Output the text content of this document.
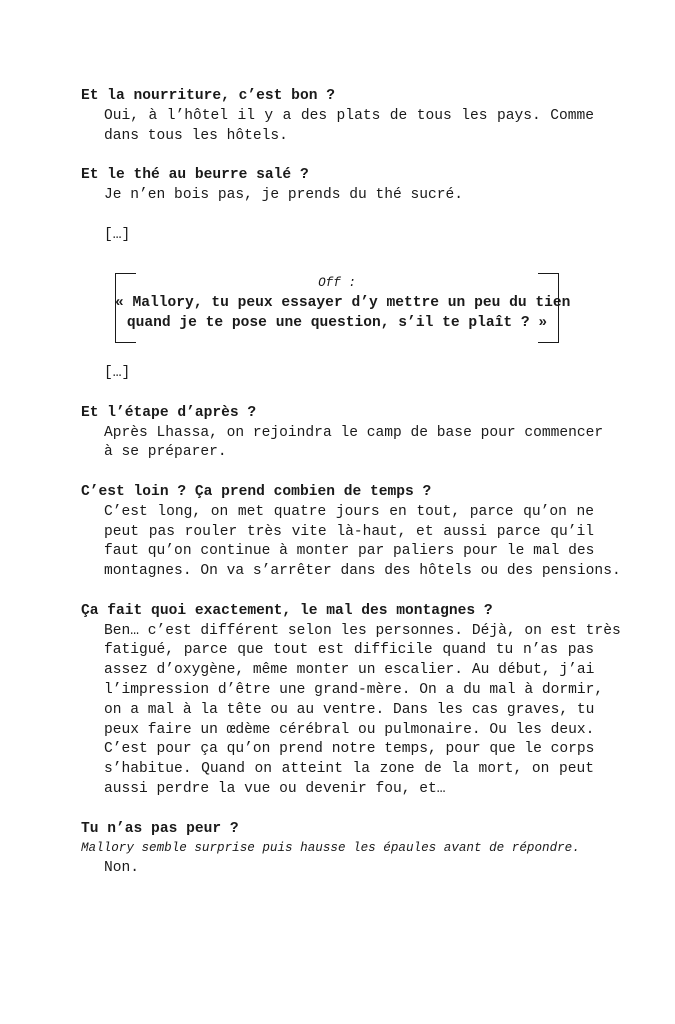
Et la nourriture, c’est bon ?
Oui, à l’hôtel il y a des plats de tous les pays. Comme
dans tous les hôtels.
Et le thé au beurre salé ?
Je n’en bois pas, je prends du thé sucré.
[…]
Off :
« Mallory, tu peux essayer d’y mettre un peu du tien
quand je te pose une question, s’il te plaît ? »
[…]
Et l’étape d’après ?
Après Lhassa, on rejoindra le camp de base pour commencer
à se préparer.
C’est loin ? Ça prend combien de temps ?
C’est long, on met quatre jours en tout, parce qu’on ne
peut pas rouler très vite là-haut, et aussi parce qu’il
faut qu’on continue à monter par paliers pour le mal des
montagnes. On va s’arrêter dans des hôtels ou des pensions.
Ça fait quoi exactement, le mal des montagnes ?
Ben… c’est différent selon les personnes. Déjà, on est très
fatigué, parce que tout est difficile quand tu n’as pas
assez d’oxygène, même monter un escalier. Au début, j’ai
l’impression d’être une grand-mère. On a du mal à dormir,
on a mal à la tête ou au ventre. Dans les cas graves, tu
peux faire un œdème cérébral ou pulmonaire. Ou les deux.
C’est pour ça qu’on prend notre temps, pour que le corps
s’habitue. Quand on atteint la zone de la mort, on peut
aussi perdre la vue ou devenir fou, et…
Tu n’as pas peur ?
Mallory semble surprise puis hausse les épaules avant de répondre.
Non.
